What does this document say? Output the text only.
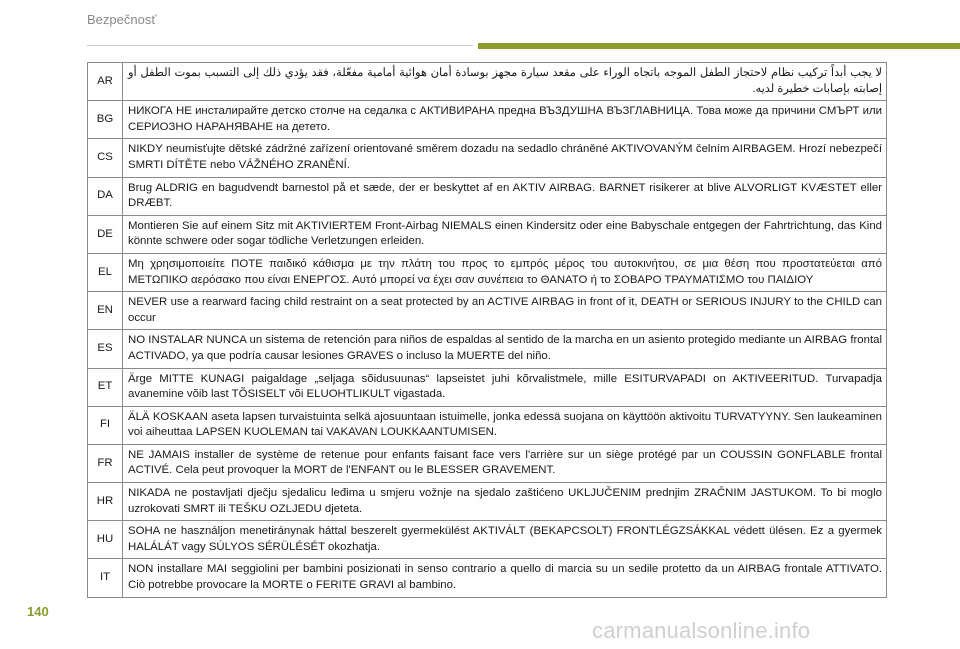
Bezpečnosť
AR	لا يجب أبداً تركيب نظام لاحتجاز الطفل الموجه باتجاه الوراء على مقعد سيارة مجهز بوسادة أمان هوائية أمامية مفعّلة، فقد يؤدي ذلك إلى التسبب بموت الطفل أو إصابته بإصابات خطيرة لديه.
BG	НИКОГА НЕ инсталирайте детско столче на седалка с АКТИВИРАНА предна ВЪЗДУШНА ВЪЗГЛАВНИЦА. Това може да причини СМЪРТ или СЕРИОЗНО НАРАНЯВАНЕ на детето.
CS	NIKDY neumisťujte dětské zádržné zařízení orientované směrem dozadu na sedadlo chráněné AKTIVOVANÝM čelním AIRBAGEM. Hrozí nebezpečí SMRTI DÍTĚTE nebo VÁŽNÉHO ZRANĚNÍ.
DA	Brug ALDRIG en bagudvendt barnestol på et sæde, der er beskyttet af en AKTIV AIRBAG. BARNET risikerer at blive ALVORLIGT KVÆSTET eller DRÆBT.
DE	Montieren Sie auf einem Sitz mit AKTIVIERTEM Front-Airbag NIEMALS einen Kindersitz oder eine Babyschale entgegen der Fahrtrichtung, das Kind könnte schwere oder sogar tödliche Verletzungen erleiden.
EL	Μη χρησιμοποιείτε ΠΟΤΕ παιδικό κάθισμα με την πλάτη του προς το εμπρός μέρος του αυτοκινήτου, σε μια θέση που προστατεύεται από ΜΕΤΩΠΙΚΟ αερόσακο που είναι ΕΝΕΡΓΟΣ. Αυτό μπορεί να έχει σαν συνέπεια το ΘΑΝΑΤΟ ή το ΣΟΒΑΡΟ ΤΡΑΥΜΑΤΙΣΜΟ του ΠΑΙΔΙΟΥ
EN	NEVER use a rearward facing child restraint on a seat protected by an ACTIVE AIRBAG in front of it, DEATH or SERIOUS INJURY to the CHILD can occur
ES	NO INSTALAR NUNCA un sistema de retención para niños de espaldas al sentido de la marcha en un asiento protegido mediante un AIRBAG frontal ACTIVADO, ya que podría causar lesiones GRAVES o incluso la MUERTE del niño.
ET	Ärge MITTE KUNAGI paigaldage „seljaga sõidusuunas“ lapseistet juhi kõrvalistmele, mille ESITURVAPADI on AKTIVEERITUD. Turvapadja avanemine võib last TÕSISELT või ELUOHTLIKULT vigastada.
FI	ÄLÄ KOSKAAN aseta lapsen turvaistuinta selkä ajosuuntaan istuimelle, jonka edessä suojana on käyttöön aktivoitu TURVATYYNY. Sen laukeaminen voi aiheuttaa LAPSEN KUOLEMAN tai VAKAVAN LOUKKAANTUMISEN.
FR	NE JAMAIS installer de système de retenue pour enfants faisant face vers l'arrière sur un siège protégé par un COUSSIN GONFLABLE frontal ACTIVÉ. Cela peut provoquer la MORT de l'ENFANT ou le BLESSER GRAVEMENT.
HR	NIKADA ne postavljati dječju sjedalicu leđima u smjeru vožnje na sjedalo zaštićeno UKLJUČENIM prednjim ZRAČNIM JASTUKOM. To bi moglo uzrokovati SMRT ili TEŠKU OZLJEDU djeteta.
HU	SOHA ne használjon menetiránynak háttal beszerelt gyermekülést AKTIVÁLT (BEKAPCSOLT) FRONTLÉGZSÁKKAL védett ülésen. Ez a gyermek HALÁLÁT vagy SÚLYOS SÉRÜLÉSÉT okozhatja.
IT	NON installare MAI seggiolini per bambini posizionati in senso contrario a quello di marcia su un sedile protetto da un AIRBAG frontale ATTIVATO. Ciò potrebbe provocare la MORTE o FERITE GRAVI al bambino.
140
carmanualsonline.info
